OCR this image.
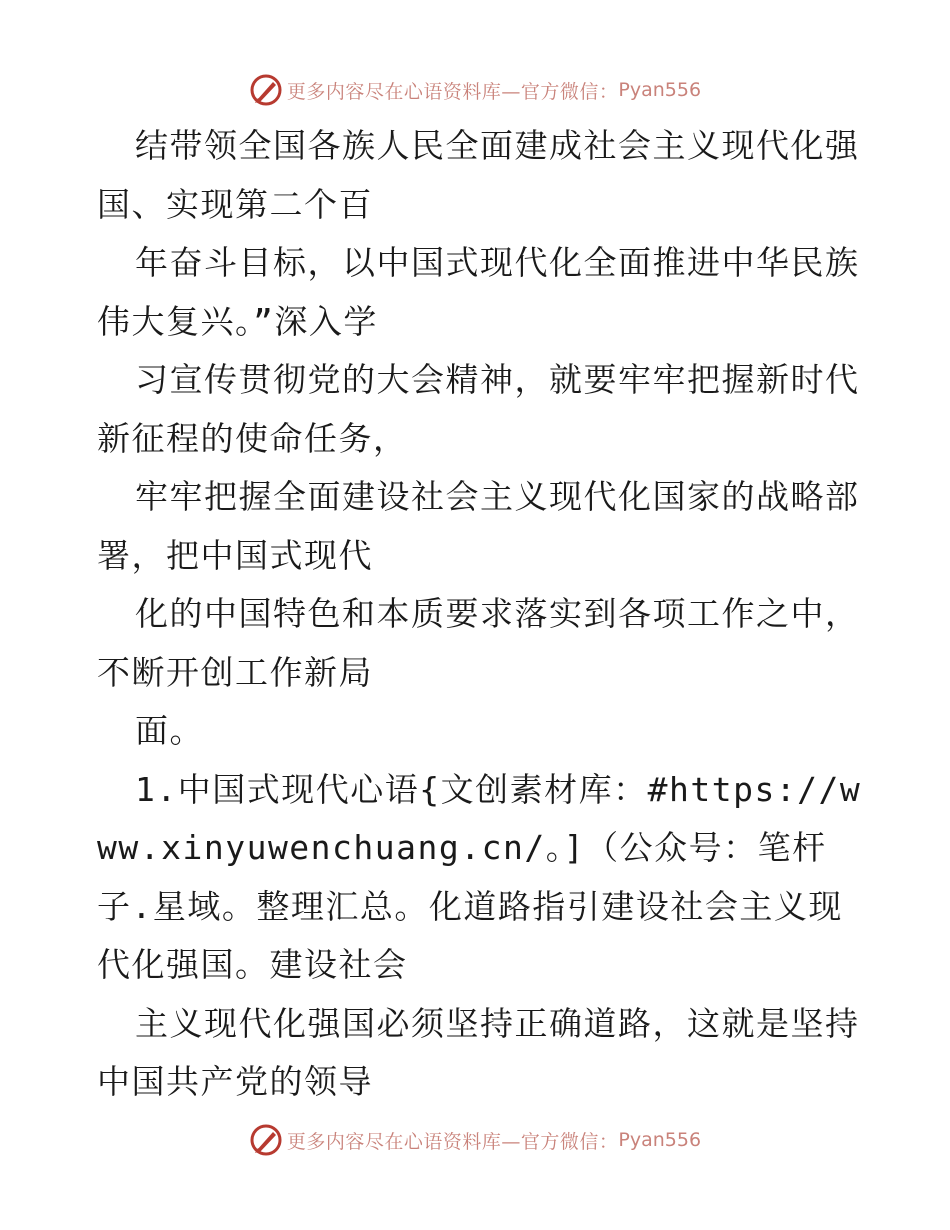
更多内容尽在心语资料库—官方微信： Pyan556

结带领全国各族人民全面建成社会主义现代化强国、实现第二个百

年奋斗目标，以中国式现代化全面推进中华民族伟大复兴。”深入学

习宣传贯彻党的大会精神，就要牢牢把握新时代新征程的使命任务，

牢牢把握全面建设社会主义现代化国家的战略部署，把中国式现代

化的中国特色和本质要求落实到各项工作之中，不断开创工作新局

面。

1.中国式现代心语{文创素材库：#https://www.xinyuwenchuang.cn/。]（公众号：笔杆子.星域。整理汇总。化道路指引建设社会主义现代化强国。建设社会

主义现代化强国必须坚持正确道路，这就是坚持中国共产党的领导

更多内容尽在心语资料库—官方微信： Pyan556
